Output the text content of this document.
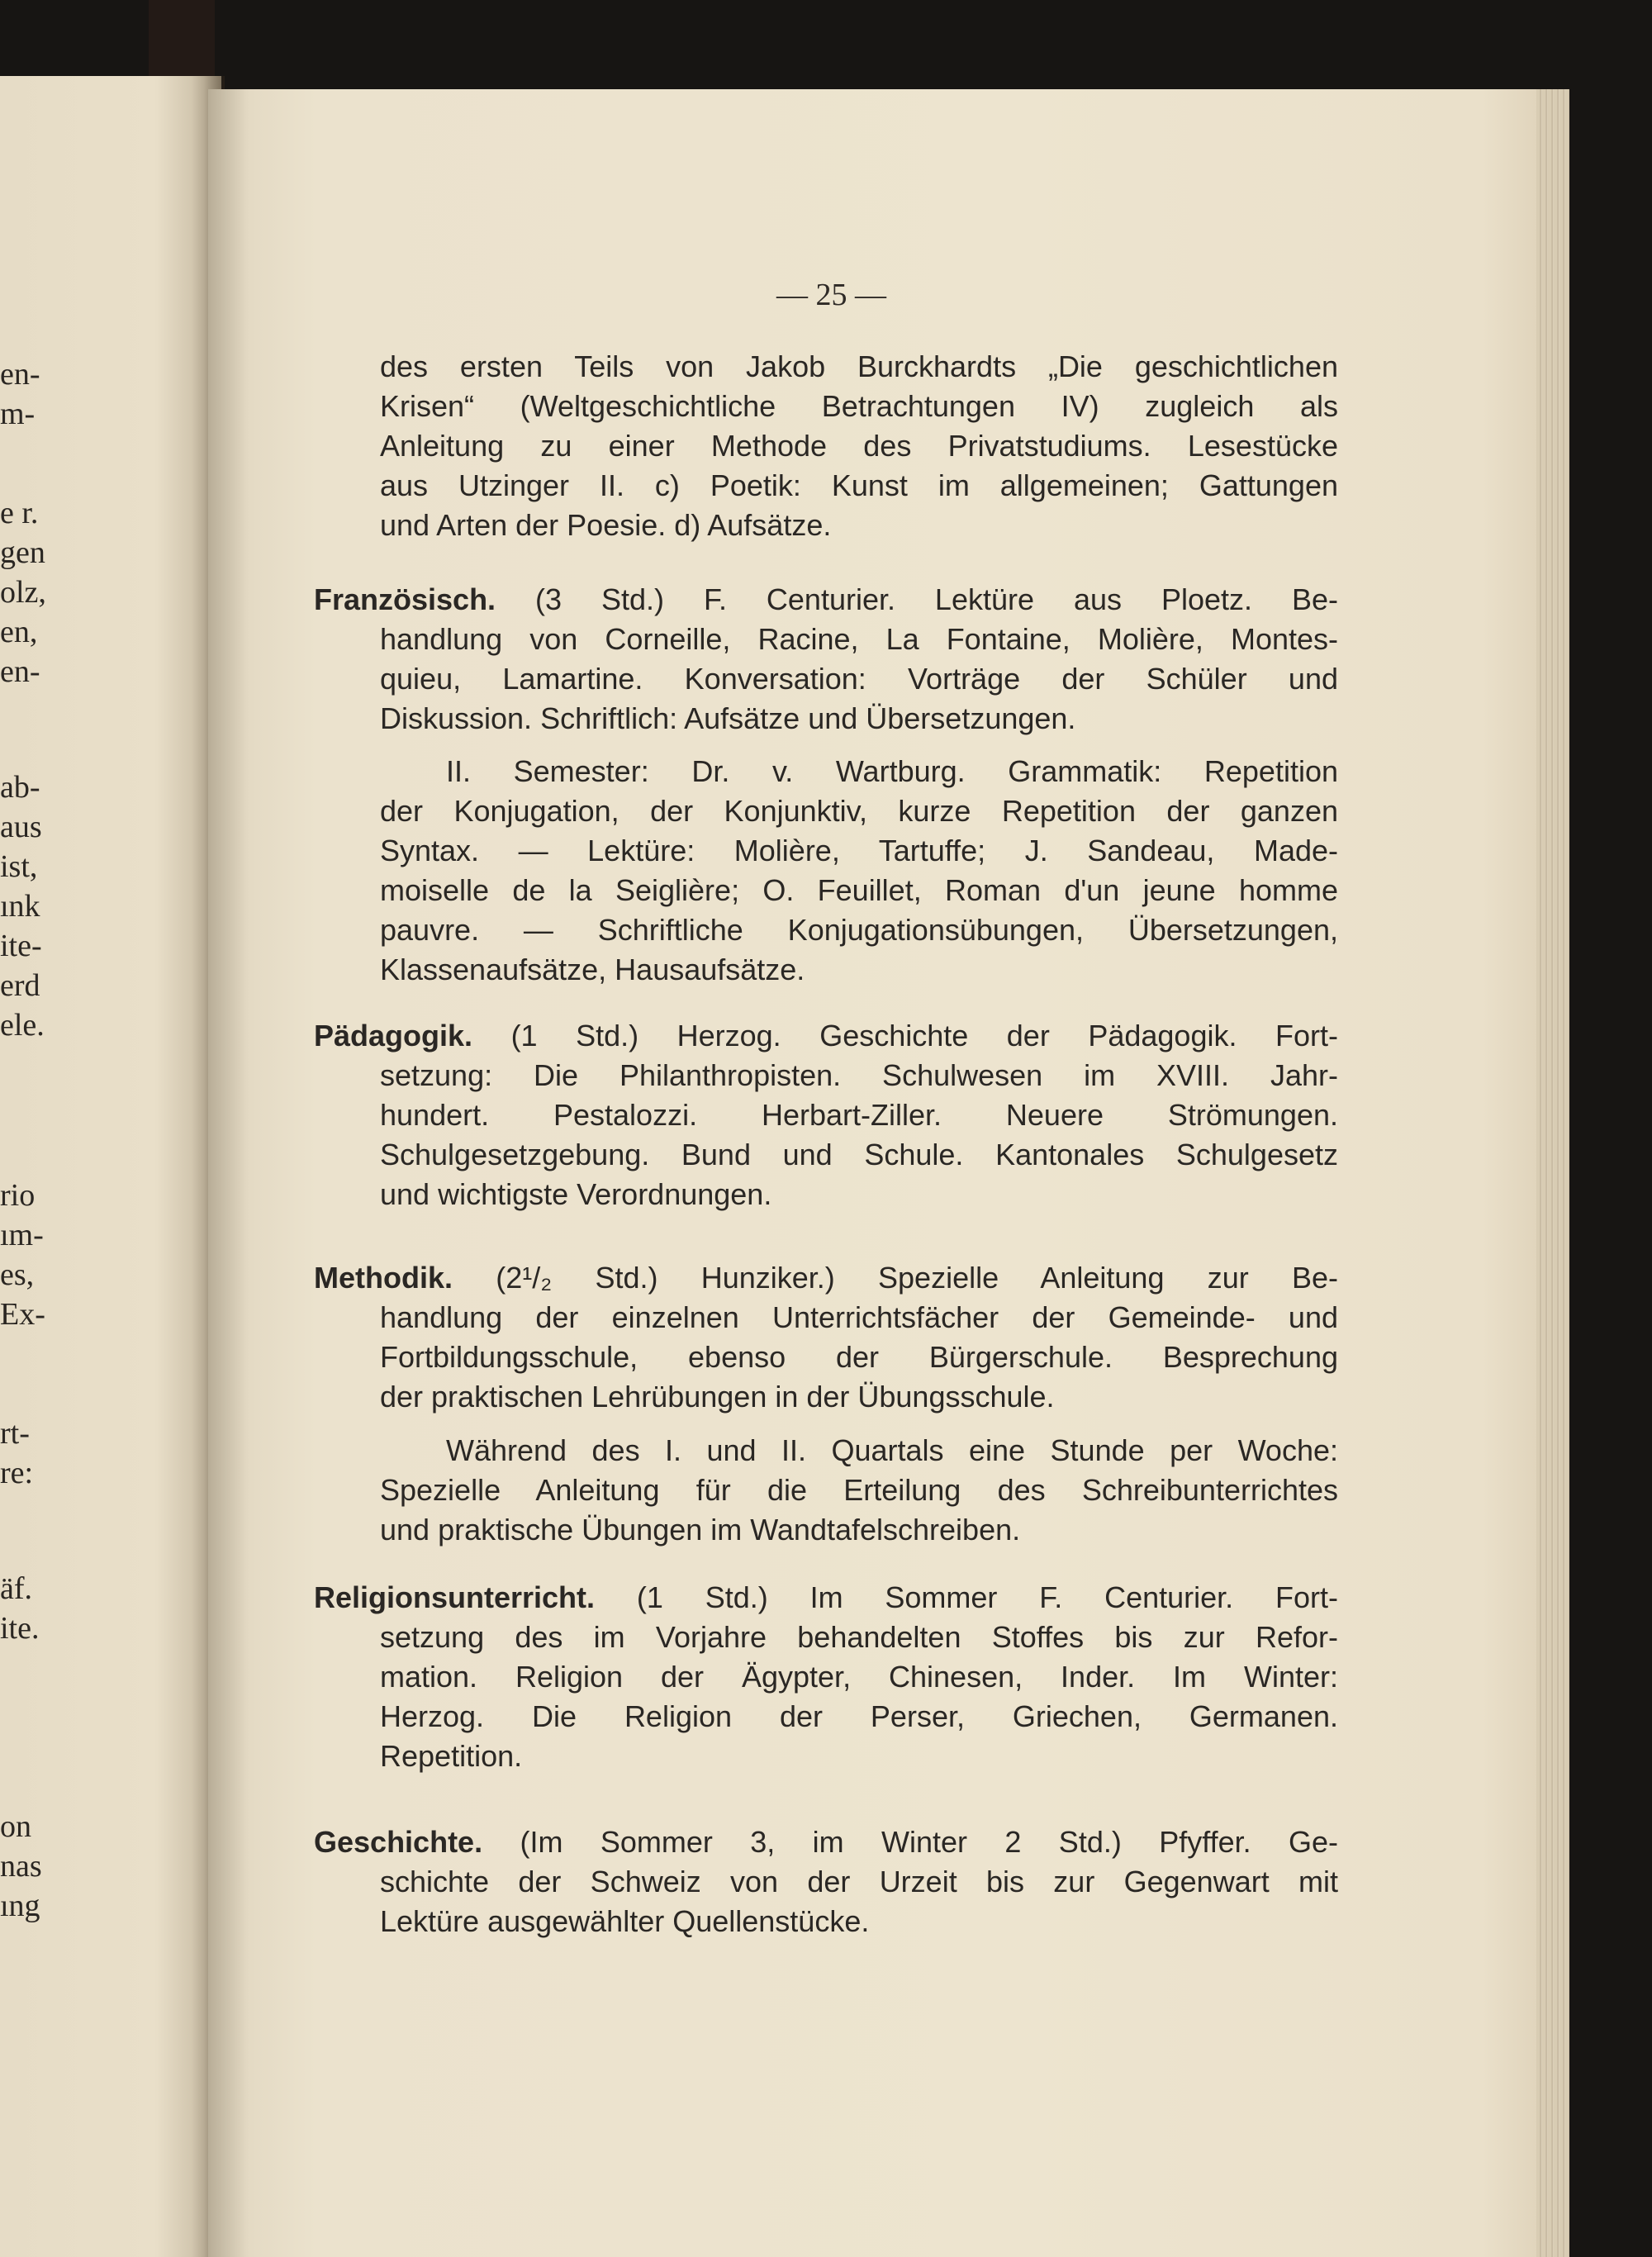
en-
m-
e r.
gen
olz,
en,
en-
ab-
aus
ist,
ınk
ite-
erd
ele.
rio
ım-
es,
Ex-
rt-
re:
äf.
ite.
on
nas
ıng
— 25 —
des ersten Teils von Jakob Burckhardts „Die geschichtlichen
Krisen“ (Weltgeschichtliche Betrachtungen IV) zugleich als
Anleitung zu einer Methode des Privatstudiums. Lesestücke
aus Utzinger II. c) Poetik: Kunst im allgemeinen; Gattungen
und Arten der Poesie. d) Aufsätze.
Französisch. (3 Std.) F. Centurier. Lektüre aus Ploetz. Be-
handlung von Corneille, Racine, La Fontaine, Molière, Montes-
quieu, Lamartine. Konversation: Vorträge der Schüler und
Diskussion. Schriftlich: Aufsätze und Übersetzungen.
II. Semester: Dr. v. Wartburg. Grammatik: Repetition
der Konjugation, der Konjunktiv, kurze Repetition der ganzen
Syntax. — Lektüre: Molière, Tartuffe; J. Sandeau, Made-
moiselle de la Seiglière; O. Feuillet, Roman d'un jeune homme
pauvre. — Schriftliche Konjugationsübungen, Übersetzungen,
Klassenaufsätze, Hausaufsätze.
Pädagogik. (1 Std.) Herzog. Geschichte der Pädagogik. Fort-
setzung: Die Philanthropisten. Schulwesen im XVIII. Jahr-
hundert. Pestalozzi. Herbart-Ziller. Neuere Strömungen.
Schulgesetzgebung. Bund und Schule. Kantonales Schulgesetz
und wichtigste Verordnungen.
Methodik. (2¹/₂ Std.) Hunziker.) Spezielle Anleitung zur Be-
handlung der einzelnen Unterrichtsfächer der Gemeinde- und
Fortbildungsschule, ebenso der Bürgerschule. Besprechung
der praktischen Lehrübungen in der Übungsschule.
Während des I. und II. Quartals eine Stunde per Woche:
Spezielle Anleitung für die Erteilung des Schreibunterrichtes
und praktische Übungen im Wandtafelschreiben.
Religionsunterricht. (1 Std.) Im Sommer F. Centurier. Fort-
setzung des im Vorjahre behandelten Stoffes bis zur Refor-
mation. Religion der Ägypter, Chinesen, Inder. Im Winter:
Herzog. Die Religion der Perser, Griechen, Germanen.
Repetition.
Geschichte. (Im Sommer 3, im Winter 2 Std.) Pfyffer. Ge-
schichte der Schweiz von der Urzeit bis zur Gegenwart mit
Lektüre ausgewählter Quellenstücke.
